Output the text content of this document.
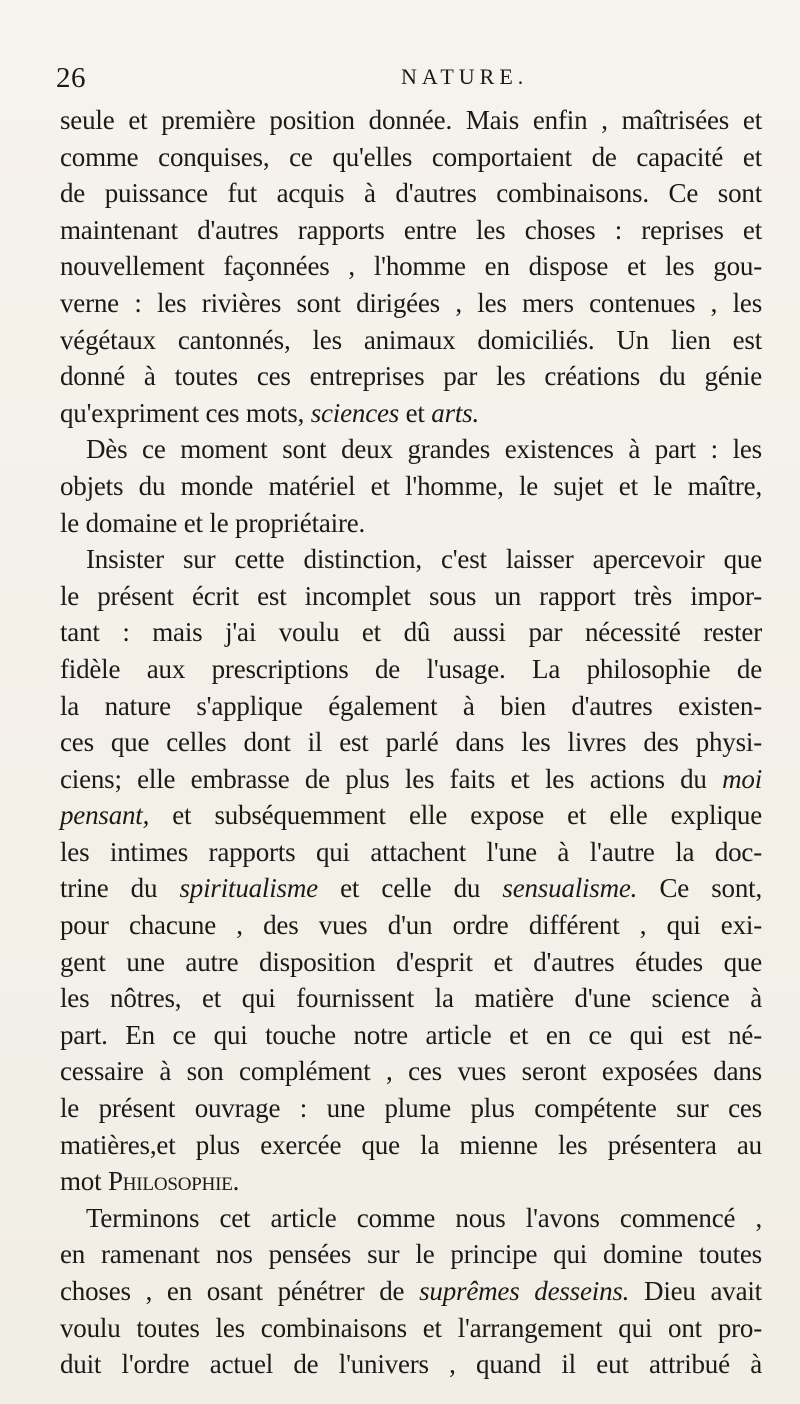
26	NATURE.
seule et première position donnée. Mais enfin , maîtrisées et
comme conquises, ce qu'elles comportaient de capacité et
de puissance fut acquis à d'autres combinaisons. Ce sont
maintenant d'autres rapports entre les choses : reprises et
nouvellement façonnées , l'homme en dispose et les gou-
verne : les rivières sont dirigées , les mers contenues , les
végétaux cantonnés, les animaux domiciliés. Un lien est
donné à toutes ces entreprises par les créations du génie
qu'expriment ces mots, sciences et arts.
Dès ce moment sont deux grandes existences à part : les
objets du monde matériel et l'homme, le sujet et le maître,
le domaine et le propriétaire.
Insister sur cette distinction, c'est laisser apercevoir que
le présent écrit est incomplet sous un rapport très impor-
tant : mais j'ai voulu et dû aussi par nécessité rester
fidèle aux prescriptions de l'usage. La philosophie de
la nature s'applique également à bien d'autres existen-
ces que celles dont il est parlé dans les livres des physi-
ciens; elle embrasse de plus les faits et les actions du moi
pensant, et subséquemment elle expose et elle explique
les intimes rapports qui attachent l'une à l'autre la doc-
trine du spiritualisme et celle du sensualisme. Ce sont,
pour chacune , des vues d'un ordre différent , qui exi-
gent une autre disposition d'esprit et d'autres études que
les nôtres, et qui fournissent la matière d'une science à
part. En ce qui touche notre article et en ce qui est né-
cessaire à son complément , ces vues seront exposées dans
le présent ouvrage : une plume plus compétente sur ces
matières,et plus exercée que la mienne les présentera au
mot Philosophie.
Terminons cet article comme nous l'avons commencé ,
en ramenant nos pensées sur le principe qui domine toutes
choses , en osant pénétrer de suprêmes desseins. Dieu avait
voulu toutes les combinaisons et l'arrangement qui ont pro-
duit l'ordre actuel de l'univers , quand il eut attribué à
